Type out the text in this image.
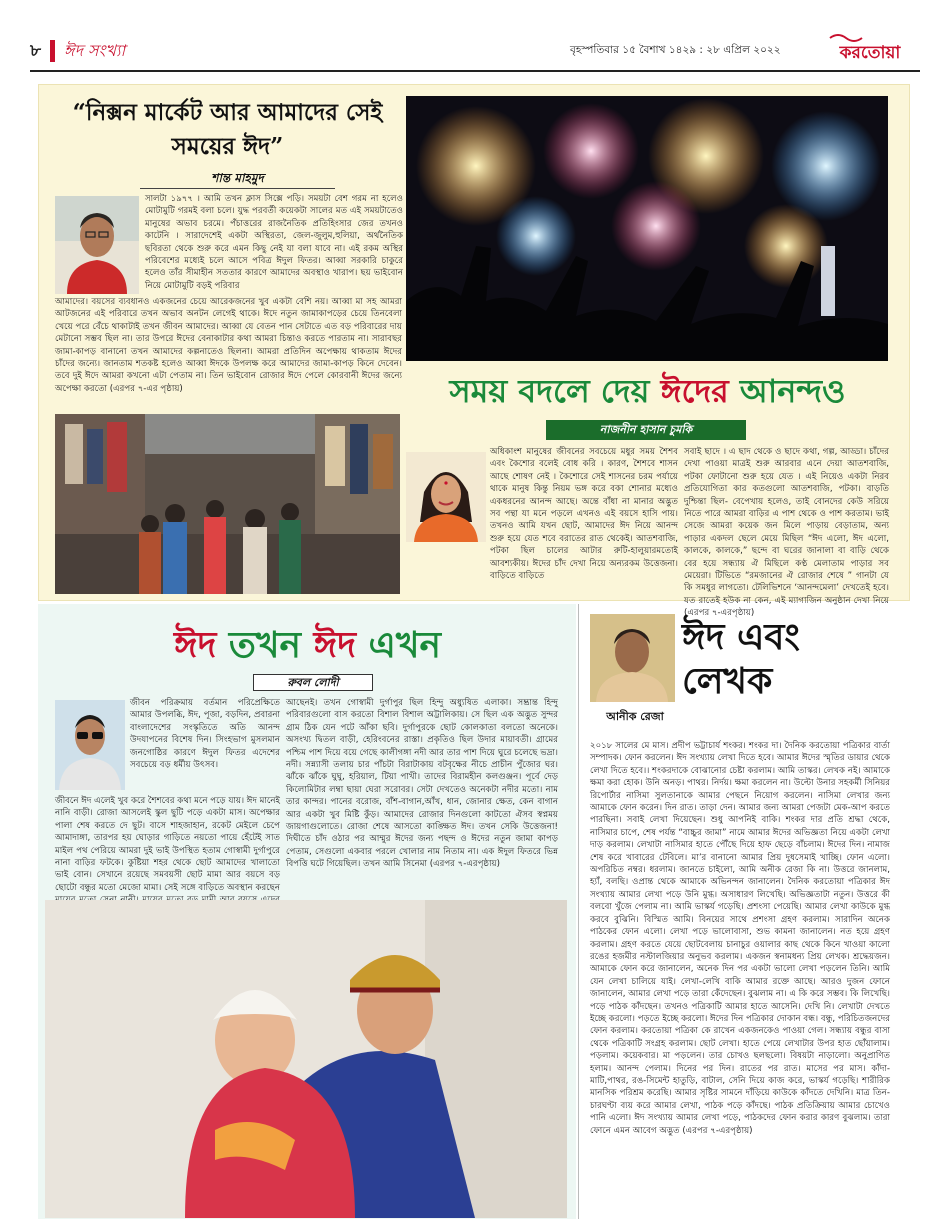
৮ ঈদ সংখ্যা	বৃহস্পতিবার ১৫ বৈশাখ ১৪২৯ : ২৮ এপ্রিল ২০২২	করতোয়া
“নিক্সন মার্কেট আর আমাদের সেই সময়ের ঈদ”
শান্ত মাহমুদ
সালটা ১৯৭৭ । আমি তখন ক্লাস সিক্সে পড়ি। সময়টা বেশ গরম না হলেও মোটামুটি গরমই বলা চলে। যুদ্ধ পরবর্তী কয়েকটা সালের মত এই সময়টাতেও মানুষের অভাব চরমে। পঁচাত্তরের রাজনৈতিক প্রতিহিংসার জের তখনও কাটেনি । সারাদেশেই একটা অস্থিরতা, জেল-জুলুম,হুলিয়া, অর্থনৈতিক ছবিরতা থেকে শুরু করে এমন কিছু নেই যা বলা যাবে না। এই রকম অস্থির পরিবেশের মধ্যেই চলে আসে পবিত্র ঈদুল ফিতর। আব্বা সরকারি চাকুরে হলেও তাঁর সীমাহীন সততার কারণে আমাদের অবস্থাও খারাপ। ছয় ভাইবোন নিয়ে মোটামুটি বড়ই পরিবার
আমাদের। বয়সের ব্যবধানও একজনের চেয়ে আরেকজনের খুব একটা বেশি নয়। আব্বা মা সহ আমরা আটজনের এই পরিবারে তখন অভাব অনটন লেগেই থাকে। ঈদে নতুন জামাকাপড়ের চেয়ে তিনবেলা খেয়ে পরে বেঁচে থাকাটাই তখন জীবন আমাদের। আব্বা যে বেতন পান সেটাতে এত বড় পরিবারের দায় মেটানো সম্ভব ছিল না। তার উপরে ঈদের বেনাকাটার কথা আমরা চিন্তাও করতে পারতাম না। সারাবছর জামা-কাপড় বানানো তখন আমাদের কল্পনাতেও ছিলনা। আমরা প্রতিদিন অপেক্ষায় থাকতাম ঈদের চাঁদের জন্যে। জানতাম শতকষ্ট হলেও আব্বা ঈদকে উপলক্ষ করে আমাদের জামা-কাপড় কিনে দেবেন। তবে দুই ঈদে আমরা কখনো এটা পেতাম না। তিন ভাইবোন রোজার ঈদে পেলে কোরবানী ঈদের জন্যে অপেক্ষা করতো (এরপর ৭-এর পৃষ্ঠায়)	সময় বদলে দেয় ঈদের আনন্দও
নাজনীন হাসান চুমকি
অধিকাংশ মানুষের জীবনের সবচেয়ে মধুর সময় শৈশব এবং কৈশোর বলেই বোধ করি । কারণ, শৈশবে শাসন আছে শোষণ নেই । কৈশোরে সেই শাসনের চরম পর্যায়ে থাকে মানুষ কিন্তু নিয়ম ভঙ্গ করে বকা শোনার মধ্যেও একধরনের আনন্দ আছে। অন্তে বাঁধা না মানার অদ্ভুত সব পন্থা যা মনে পড়লে এখনও এই বয়সে হাসি পায়। তখনও আমি যখন ছোট, আমাদের ঈদ নিয়ে আনন্দ শুরু হয়ে যেত শবে বরাতের রাত থেকেই। আতশবাজি, পটকা ছিল চালের আটার রুটি-হালুয়ারমতোই আবশ্যকীয়। ঈদের চাঁদ দেখা নিয়ে অন্যরকম উত্তেজনা। বাড়িতে বাড়িতে
সবাই ছাদে । এ ছাদ থেকে ও ছাদে কথা, গল্প, আড্ডা। চাঁদের দেখা পাওয়া মাত্রই শুরু আরবার এনে দেয়া আতশবাজি, পটকা ফোটানো শুরু হয়ে যেত । এই নিয়েও একটা নিরব প্রতিযোগিতা কার কতগুলো আতশবাজি, পটকা। বাড়তি দুশ্চিন্তা ছিল- বেপেখায় হলেও, তাই বোনদের কেউ সরিয়ে নিতে পারে আমরা বাড়ির এ পাশ থেকে ও পাশ করতাম। ভাই সেজে আমরা কয়েক জন মিলে পাড়ায় বেড়াতাম, অন্য পাড়ার একদল ছেলে মেয়ে মিছিল “ঈদ এলো, ঈদ এলো, কালকে, কালকে,” ছন্দে বা ঘরের জানালা বা বাড়ি থেকে বের হয়ে সন্ধ্যায় ঐ মিছিলে কণ্ঠ মেলাতাম পাড়ার সব মেয়েরা। টিভিতে “রমজানের ঐ রোজার শেষে ” গানটা যে কি সমধুর লাগতো। টেলিভিশনে ‘আনন্দমেলা’ দেখতেই হবে। যত রাতেই হউক না কেন, এই ম্যাগাজিন অনুষ্ঠান দেখা নিয়ে (এরপর ৭-এরপৃষ্ঠায়)
ঈদ তখন ঈদ এখন
রুবল লোদী
জীবন পরিক্রমায় বর্তমান পরিপ্রেক্ষিতে আমার উপলব্ধি, ঈদ, পূজা, বড়দিন, প্রবারনা বাংলাদেশের সংস্কৃতিতে অতি আনন্দ উদযাপনের বিশেষ দিন। সিংহভাগ মুসলমান জনগোষ্ঠির কারণে ঈদুল ফিতর এদেশের সবচেয়ে বড় ধর্মীয় উৎসব।
জীবনে ঈদ এলেই খুব করে শৈশবের কথা মনে পড়ে যায়। ঈদ মানেই নানি বাড়ী। রোজা আসলেই স্কুল ছুটি পড়ে একটা মাস। অপেক্ষার পালা শেষ করতে দে ছুট। বাসে শাহজাহান, রকেট মেইলে চেপে আমাদাঙ্গা, তারপর হয় ঘোড়ার গাড়িতে নয়তো পায়ে হেঁটেই সাত মাইল পথ পেরিয়ে আমরা দুই ভাই উপস্থিত হতাম গোস্বামী দুর্গাপুরে নানা বাড়ির ফটকে। কুষ্টিয়া শহর থেকে ছোট আমাদের খালাতো ভাই বোন। সেখানে রয়েছে সমবয়সী ছোট মামা আর বয়সে বড় ছোটো বন্ধুর মতো মেজো মামা। সেই সঙ্গে বাড়িতে অবস্থান করছেন
আছেনই। তখন গোস্বামী দুর্গাপুর ছিল হিন্দু অধ্যুষিত এলাকা। সম্ভ্রান্ত হিন্দু পরিবারগুলো বাস করতো বিশাল বিশাল অট্টালিকায়। সে ছিল এক অদ্ভুত সুন্দর গ্রাম ঠিক যেন পটে আঁকা ছবি। দুর্গাপুরকে ছোট কোলকাতা বলতো অনেকে। অসংখ্য দ্বিতল বাড়ী, হেরিংবনের রাস্তা। প্রকৃতিও ছিল উদার মায়াবতী। গ্রামের পশ্চিম পাশ দিয়ে বয়ে গেছে কালীগঙ্গা নদী আর তার পাশ দিয়ে ঘুরে চলেছে ভদ্রা। নদী। সন্ন্যাসী তলায় চার পাঁচটা বিরাটাকায় বটবৃক্ষের নীচে প্রাচীন পুঁজোর ঘর। ঝাঁকে ঝাঁকে ঘুঘু, হরিয়াল, টিয়া পাখী। তাদের বিরামহীন কলগুঞ্জন। পূর্বে দেড় কিলোমিটার লম্বা ছায়া ঘেরা সরোবর। সেটা দেখতেও অনেকটা নদীর মতো। নাম তার কান্দর। পানের বরোজ, বাঁশ-বাগান,আঁখ, ধান, জোনার ক্ষেত, কেন বাগান আর একটা খুব মিষ্টি কুঁড়। আমাদের রোজার দিনগুলো কাটতো ঐসব স্বপ্নময় জায়গাগুলোতে। রোজা শেষে আসতো কাঙ্ক্ষিত ঈদ। তখন সেকি উত্তেজনা! দিঘীতে চাঁদ ওঠার পর আম্মুর ঈদের জন্য পছন্দ ও ঈদের নতুন জামা কাপড় পেতাম, সেগুলো একবার পরলে খোলার নাম নিতাম না। এক ঈদুল ফিতরে ভিন্ন বিপত্তি ঘটে গিয়েছিল। তখন আমি সিনেমা (এরপর ৭-এরপৃষ্ঠায়)
ঈদ এবং লেখক
আনীক রেজা
২০১৮ সালের মে মাস। প্রদীপ ভট্টাচার্য শংকর। শংকর দা। দৈনিক করতোয়া পত্রিকার বার্তা সম্পাদক। ফোন করলেন। ঈদ সংখ্যায় লেখা দিতে হবে। আমার ঈদের স্মৃতির ডায়ার থেকে লেখা দিতে হবে।। শংকরদাকে বোঝানোর চেষ্টা করলাম। আমি তাস্কর। লেখক নই। আমাকে ক্ষমা করা হোক। উনি অনড়। পাথর। নির্দয়। ক্ষমা করলেন না। উল্টো উনার সহকর্মী সিনিয়র রিপোর্টার নাসিমা সুলতানাকে আমার পেছনে নিয়োগ করলেন। নাসিমা লেখার জন্য আমাকে ফোন করেন। দিন রাত। তাড়া দেন। আমার জন্য আমরা পেজটা মেক-আপ করতে পারছিনা। সবাই লেখা দিয়েছেন। শুধু আপনিই বাকি। শংকর দার প্রতি শ্রদ্ধা থেকে, নাসিমার চাপে, শেষ পর্যন্ত “বাচ্চুর জামা” নামে আমার ঈদের অভিজ্ঞতা নিয়ে একটা লেখা দাড় করলাম। লেখাটা নাসিমার হাতে পৌঁছে দিয়ে হাফ ছেড়ে বাঁচলাম। ঈদের দিন। নামাজ শেষ করে খাবারের টেবিলে। মা’র বানানো আমার প্রিয় দুধসেমাই খাচ্ছি। ফোন এলো। অপরিচিত নম্বর। ধরলাম। জানতে চাইলো, আমি অনীক রেজা কি না। উত্তরে জানলাম, হ্যাঁ, বলছি। ওপ্রান্ত থেকে আমাকে অভিনন্দন জানালেন। দৈনিক করতোয়া পত্রিকার ঈদ সংখ্যায় আমার লেখা পড়ে উনি মুগ্ধ। অসাধারণ লিখেছি। অভিজ্ঞতাটা নতুন। উত্তরে কী বলবো খুঁজে পেলাম না। আমি ভাস্কর্য গড়েছি। প্রশংসা পেয়েছি। আমার লেখা কাউকে মুগ্ধ করবে বুঝিনি। বিস্মিত আমি। বিনয়ের সাথে প্রশংসা গ্রহণ করলাম। সারাদিন অনেক পাঠকের ফোন এলো। লেখা পড়ে ভালোবাসা, শুভ কামনা জানালেন। নত হয়ে গ্রহণ করলাম। গ্রহণ করতে যেয়ে ছোটবেলায় চানাচুর ওয়ালার কাছ থেকে কিনে খাওয়া কালো রঙের হজমীর নস্টালজিয়ার অনুভব করলাম। একজন স্বনামধন্য প্রিয় লেখক। শ্রদ্ধেয়জন। আমাকে ফোন করে জানালেন, অনেক দিন পর একটা ভালো লেখা পড়লেন তিনি। আমি যেন লেখা চালিয়ে যাই। লেখা-লেখি বাকি আমার রক্তে আছে। আরও দুজন ফোনে জানালেন, আমার লেখা পড়ে তারা কেঁদেছেন। বুঝলাম না। এ কি করে সম্ভব। কি লিখেছি। পড়ে পাঠক কাঁদছেন। তখনও পত্রিকাটি আমার হাতে আসেনি। দেখি নি। লেখাটা দেখতে ইচ্ছে করলো। পড়তে ইচ্ছে করলো। ঈদের দিন পত্রিকার দোকান বন্ধ। বন্ধু, পরিচিতজনদের ফোন করলাম। করতোয়া পত্রিকা কে রাখেন একজনকেও পাওয়া গেল। সন্ধ্যায় বন্ধুর বাসা থেকে পত্রিকাটি সংগ্রহ করলাম। ছোট লেখা। হাতে পেয়ে লেখাটার উপর হাত ছোঁয়ালাম। পড়লাম। কয়েকবার। মা পড়লেন। তার চোখও ছলছলো। বিষয়টা নাড়ালো। অনুপ্রাণিত হলাম। আনন্দ পেলাম। দিনের পর দিন। রাতের পর রাত। মাসের পর মাস। কাঁদা-মাটি,পাথর, রঙ-সিমেন্ট হাতুড়ি, বাটাল, সেনি দিয়ে কাজ করে, ভাস্কর্য গড়েছি। শারীরিক মানসিক পরিশ্রম করেছি। আমার সৃষ্টির সামনে দাঁড়িয়ে কাউকে কাঁদতে দেখিনি। মাত্র তিন-চারঘণ্টা ব্যয় করে আমার লেখা, পাঠক পড়ে কাঁদছে। পাঠক প্রতিক্রিয়ায় আমার চোখেও পানি এলো। ঈদ সংখ্যায় আমার লেখা পড়ে, পাঠকদের ফোন করার কারণ বুঝলাম। তারা ফোনে এমন আবেগ অদ্ভুত (এরপর ৭-এরপৃষ্ঠায়)
